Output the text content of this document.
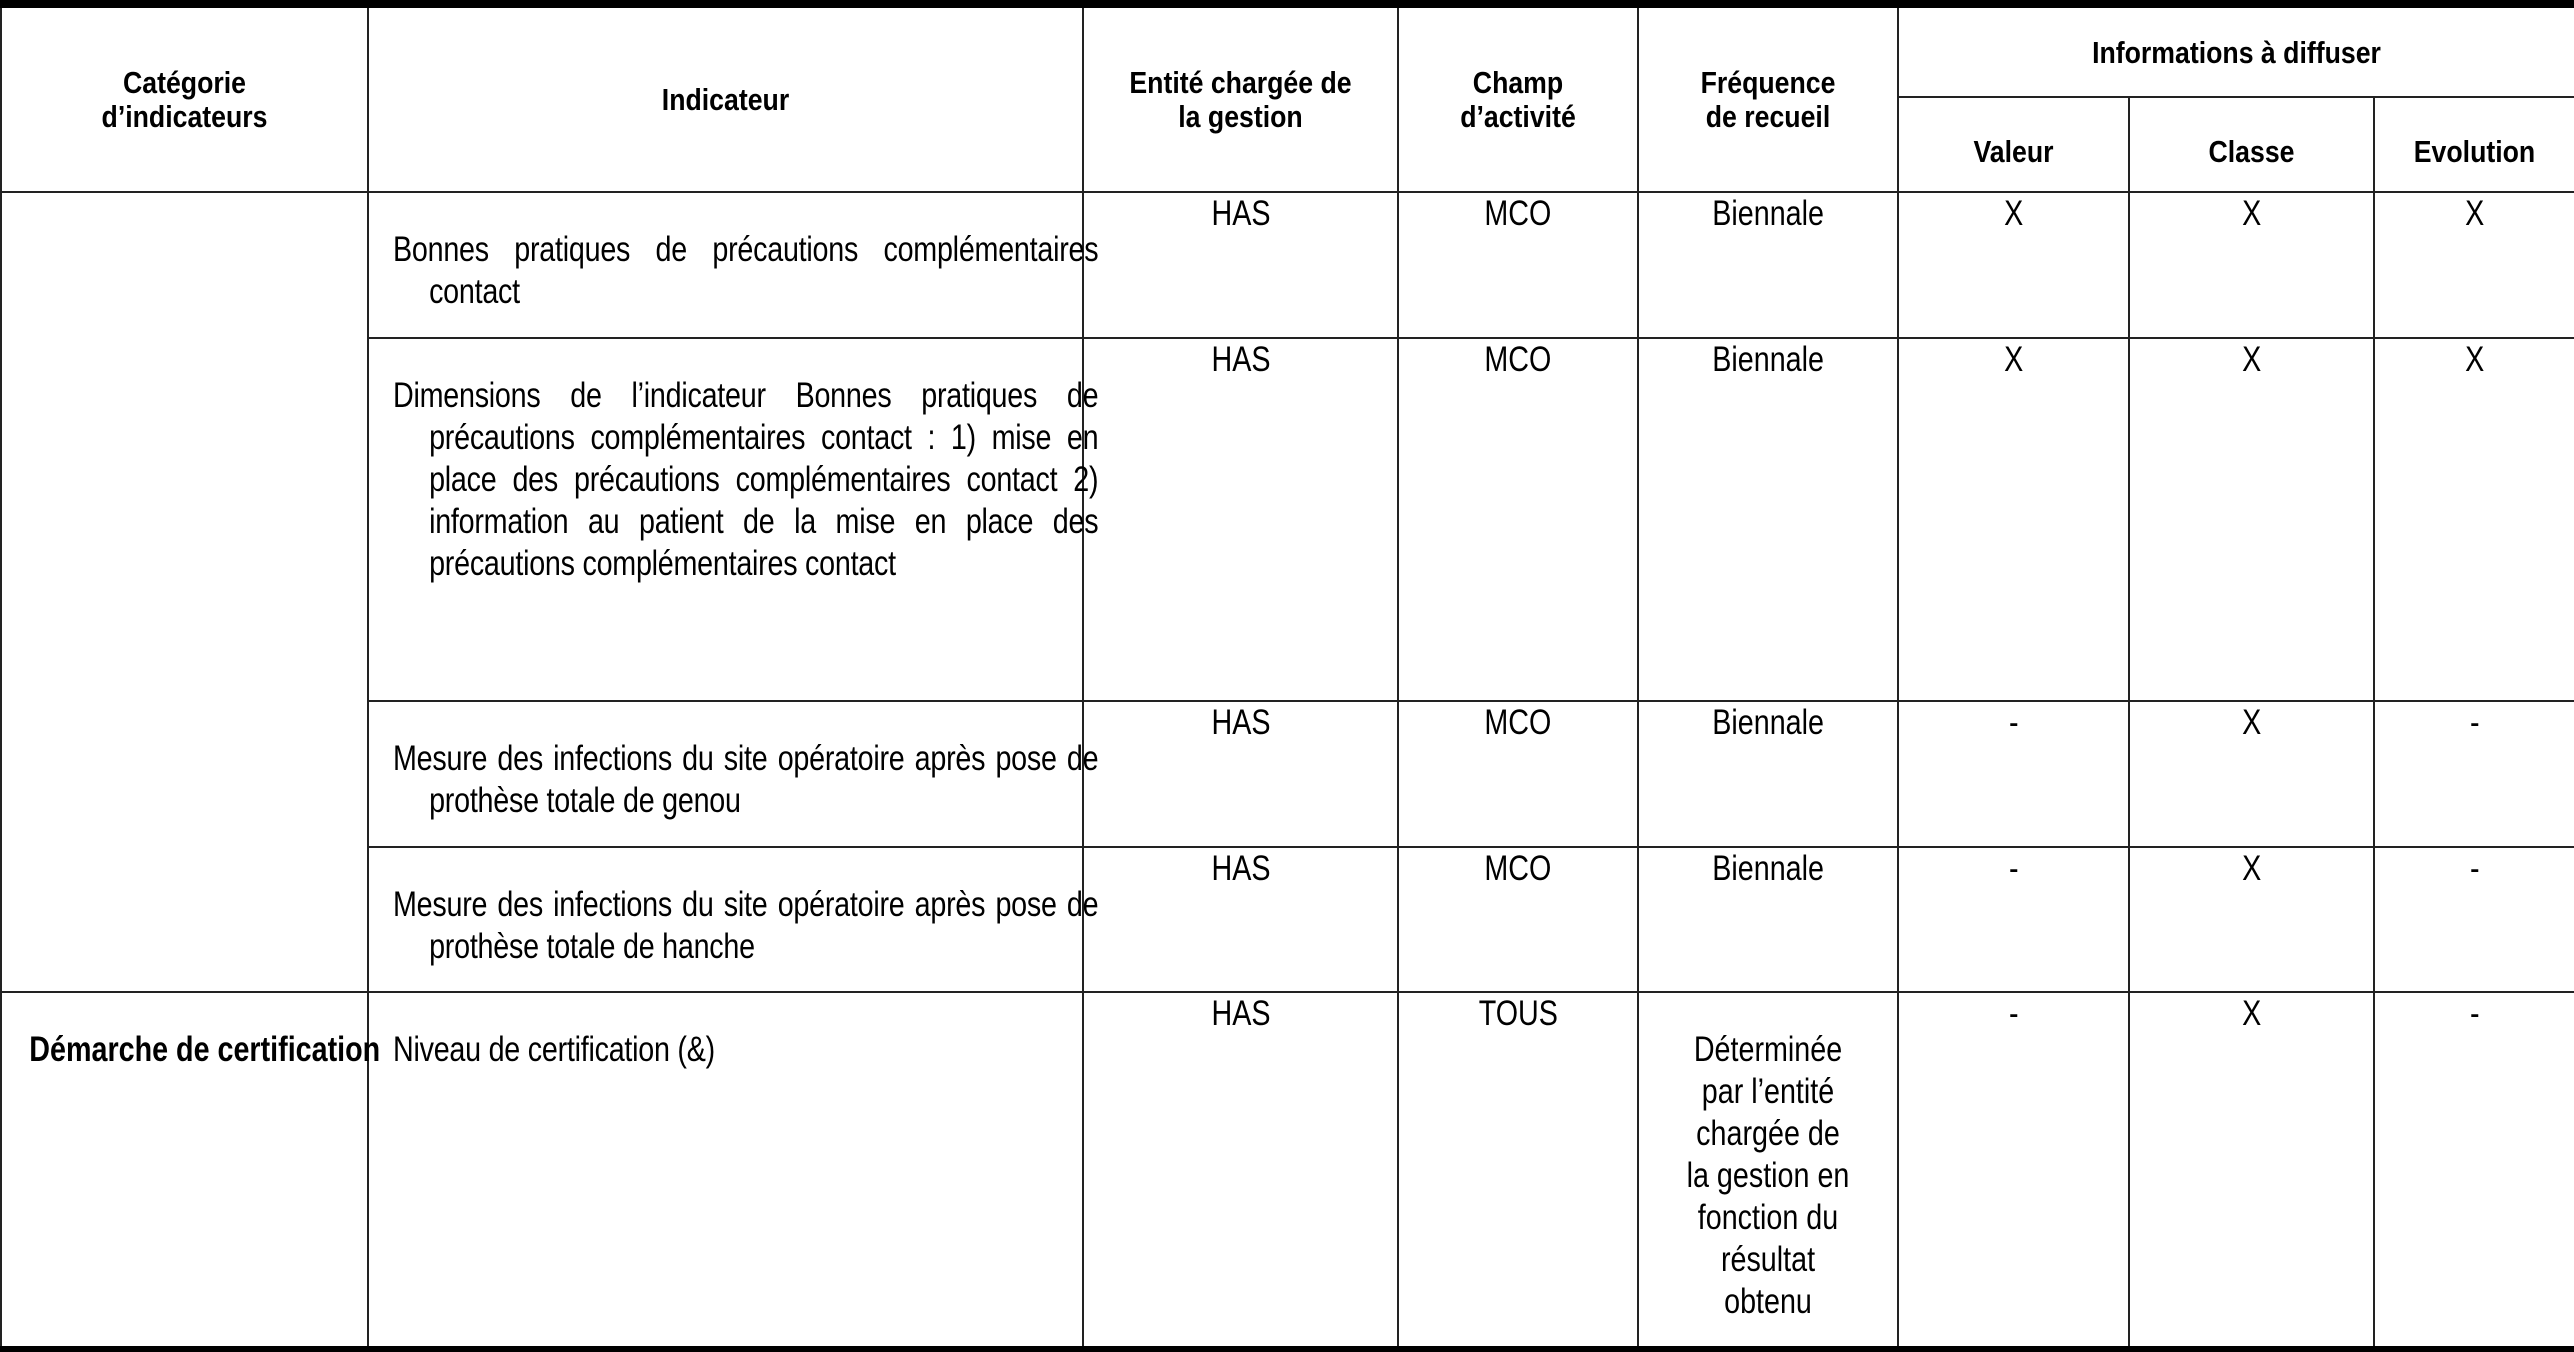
Catégorie d’indicateurs	Indicateur	Entité chargée de la gestion	Champ d’activité	Fréquence de recueil	Informations à diffuser		
					Valeur	Classe	Evolution

	Bonnes pratiques de précautions complémentaires contact	HAS	MCO	Biennale	X	X	X

	Dimensions de l’indicateur Bonnes pratiques de précautions complémentaires contact : 1) mise en place des précautions complémentaires contact 2) information au patient de la mise en place des précautions complémentaires contact	HAS	MCO	Biennale	X	X	X

	Mesure des infections du site opératoire après pose de prothèse totale de genou	HAS	MCO	Biennale	-	X	-

	Mesure des infections du site opératoire après pose de prothèse totale de hanche	HAS	MCO	Biennale	-	X	-

Démarche de certification	Niveau de certification (&)	HAS	TOUS	Déterminée par l’entité chargée de la gestion en fonction du résultat obtenu	-	X	-
